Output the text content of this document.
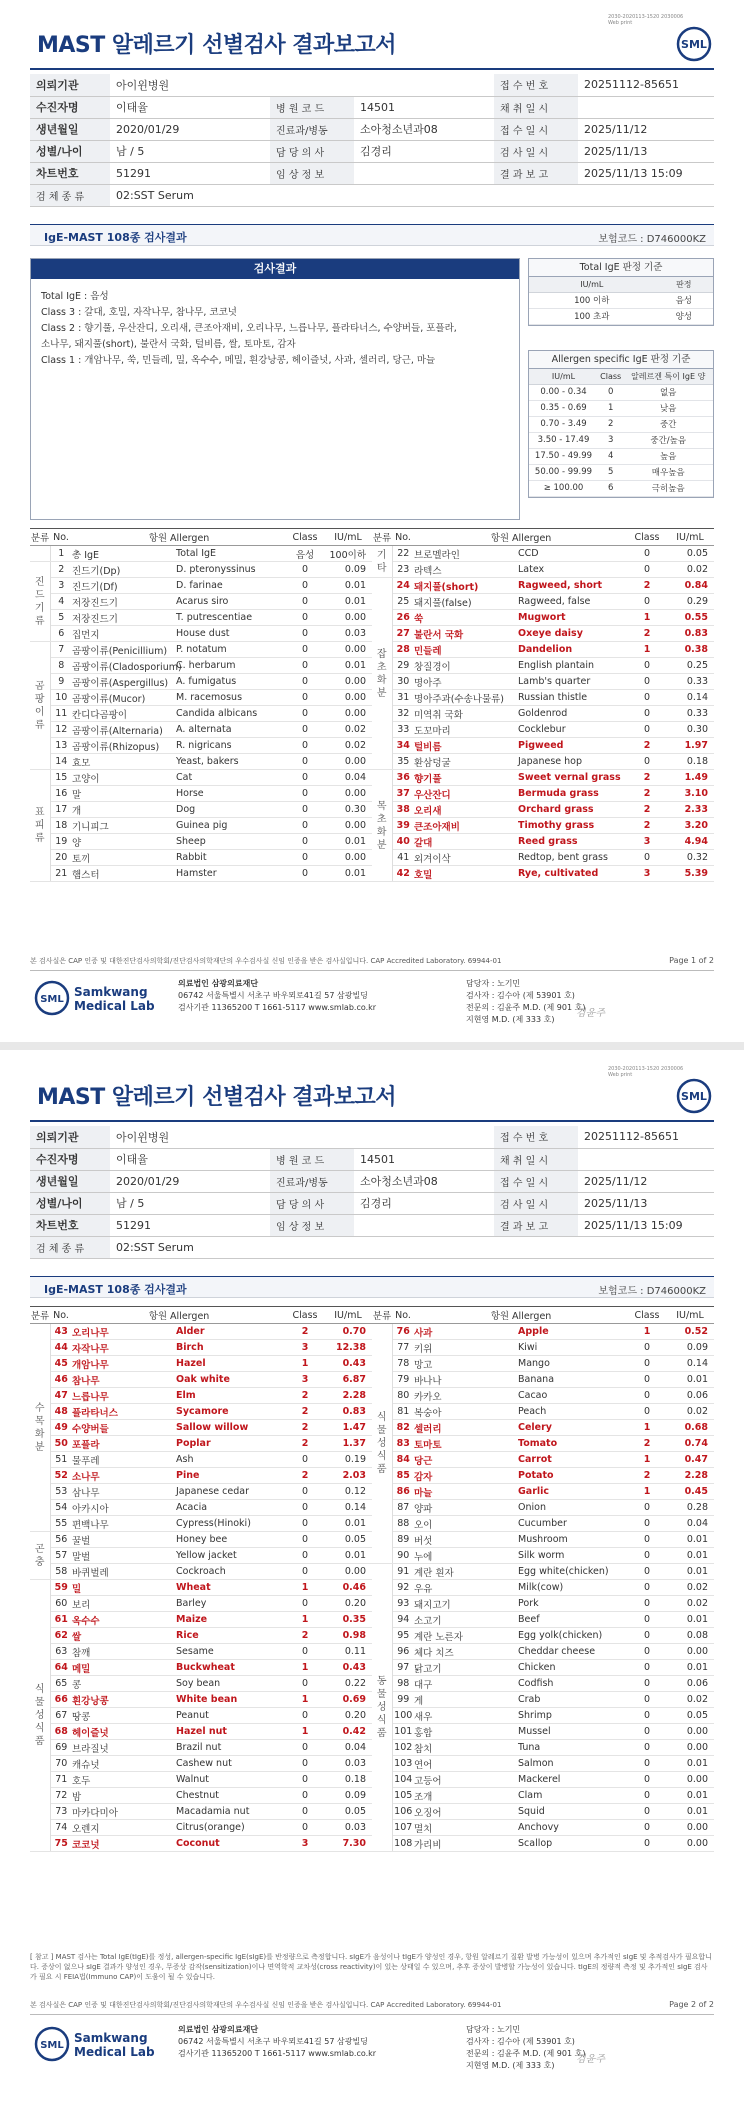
2030-2020113-1520 2030006 Web print
MAST 알레르기 선별검사 결과보고서	SML
의뢰기관	아이윈병원			접 수 번 호	20251112-85651
수진자명	이태율	병 원 코 드	14501	채 취 일 시	
생년월일	2020/01/29	진료과/병동	소아청소년과08	접 수 일 시	2025/11/12
성별/나이	남 / 5	담 당 의 사	김경리	검 사 일 시	2025/11/13
차트번호	51291	임 상 정 보		결 과 보 고	2025/11/13 15:09
검 체 종 류	02:SST Serum				
IgE-MAST 108종 검사결과	보험코드 : D746000KZ
검사결과
Total IgE : 음성
Class 3 : 갈대, 호밀, 자작나무, 참나무, 코코넛
Class 2 : 향기풀, 우산잔디, 오리새, 큰조아재비, 오리나무, 느릅나무, 플라타너스, 수양버들, 포플라,
소나무, 돼지풀(short), 불란서 국화, 털비름, 쌀, 토마토, 감자
Class 1 : 개암나무, 쑥, 민들레, 밀, 옥수수, 메밀, 흰강낭콩, 헤이즐넛, 사과, 셀러리, 당근, 마늘
Total IgE 판정 기준
IU/mL	판정
100 이하	음성
100 초과	양성
Allergen specific IgE 판정 기준
IU/mL	Class	알레르겐 특이 IgE 양
0.00 - 0.34	0	없음
0.35 - 0.69	1	낮음
0.70 - 3.49	2	중간
3.50 - 17.49	3	중간/높음
17.50 - 49.99	4	높음
50.00 - 99.99	5	매우높음
≥ 100.00	6	극히높음
분류	No.	항원 Allergen		Class	IU/mL
	1	총 IgE	Total IgE	음성	100이하
진
드
기
류	2	진드기(Dp)	D. pteronyssinus	0	0.09
	3	진드기(Df)	D. farinae	0	0.01
	4	저장진드기	Acarus siro	0	0.01
	5	저장진드기	T. putrescentiae	0	0.00
	6	집먼지	House dust	0	0.03
곰
팡
이
류	7	곰팡이류(Penicillium)	P. notatum	0	0.00
	8	곰팡이류(Cladosporium)	C. herbarum	0	0.01
	9	곰팡이류(Aspergillus)	A. fumigatus	0	0.00
	10	곰팡이류(Mucor)	M. racemosus	0	0.00
	11	칸디다곰팡이	Candida albicans	0	0.00
	12	곰팡이류(Alternaria)	A. alternata	0	0.02
	13	곰팡이류(Rhizopus)	R. nigricans	0	0.02
	14	효모	Yeast, bakers	0	0.00
표
피
류	15	고양이	Cat	0	0.04
	16	말	Horse	0	0.00
	17	개	Dog	0	0.30
	18	기니피그	Guinea pig	0	0.00
	19	양	Sheep	0	0.01
	20	토끼	Rabbit	0	0.00
	21	햄스터	Hamster	0	0.01
분류	No.	항원 Allergen		Class	IU/mL
기
타	22	브로멜라인	CCD	0	0.05
	23	라텍스	Latex	0	0.02
잡
초
화
분	24	돼지풀(short)	Ragweed, short	2	0.84
	25	돼지풀(false)	Ragweed, false	0	0.29
	26	쑥	Mugwort	1	0.55
	27	불란서 국화	Oxeye daisy	2	0.83
	28	민들레	Dandelion	1	0.38
	29	창질경이	English plantain	0	0.25
	30	명아주	Lamb's quarter	0	0.33
	31	명아주과(수송나물류)	Russian thistle	0	0.14
	32	미역취 국화	Goldenrod	0	0.33
	33	도꼬마리	Cocklebur	0	0.30
	34	털비름	Pigweed	2	1.97
	35	환삼덩굴	Japanese hop	0	0.18
목
초
화
분	36	향기풀	Sweet vernal grass	2	1.49
	37	우산잔디	Bermuda grass	2	3.10
	38	오리새	Orchard grass	2	2.33
	39	큰조아재비	Timothy grass	2	3.20
	40	갈대	Reed grass	3	4.94
	41	외겨이삭	Redtop, bent grass	0	0.32
	42	호밀	Rye, cultivated	3	5.39
본 검사실은 CAP 인증 및 대한진단검사의학회/진단검사의학재단의 우수검사실 신임 인증을 받은 검사실입니다. CAP Accredited Laboratory. 69944-01	Page 1 of 2
SML
Samkwang
Medical Lab
의료법인 삼광의료재단
06742 서울특별시 서초구 바우뫼로41길 57 삼광빌딩
검사기관 11365200 T 1661-5117 www.smlab.co.kr
담당자 : 노기민
검사자 : 김수아 (제 53901 호)
전문의 : 김윤주 M.D. (제 901 호)
지현영 M.D. (제 333 호)
김윤주
2030-2020113-1520 2030006 Web print
MAST 알레르기 선별검사 결과보고서	SML
의뢰기관	아이윈병원			접 수 번 호	20251112-85651
수진자명	이태율	병 원 코 드	14501	채 취 일 시	
생년월일	2020/01/29	진료과/병동	소아청소년과08	접 수 일 시	2025/11/12
성별/나이	남 / 5	담 당 의 사	김경리	검 사 일 시	2025/11/13
차트번호	51291	임 상 정 보		결 과 보 고	2025/11/13 15:09
검 체 종 류	02:SST Serum				
IgE-MAST 108종 검사결과	보험코드 : D746000KZ
분류	No.	항원 Allergen		Class	IU/mL
수
목
화
분	43	오리나무	Alder	2	0.70
	44	자작나무	Birch	3	12.38
	45	개암나무	Hazel	1	0.43
	46	참나무	Oak white	3	6.87
	47	느릅나무	Elm	2	2.28
	48	플라타너스	Sycamore	2	0.83
	49	수양버들	Sallow willow	2	1.47
	50	포플라	Poplar	2	1.37
	51	물푸레	Ash	0	0.19
	52	소나무	Pine	2	2.03
	53	삼나무	Japanese cedar	0	0.12
	54	아카시아	Acacia	0	0.14
	55	편백나무	Cypress(Hinoki)	0	0.01
곤
충	56	꿀벌	Honey bee	0	0.05
	57	말벌	Yellow jacket	0	0.01
	58	바퀴벌레	Cockroach	0	0.00
식
물
성
식
품	59	밀	Wheat	1	0.46
	60	보리	Barley	0	0.20
	61	옥수수	Maize	1	0.35
	62	쌀	Rice	2	0.98
	63	참깨	Sesame	0	0.11
	64	메밀	Buckwheat	1	0.43
	65	콩	Soy bean	0	0.22
	66	흰강낭콩	White bean	1	0.69
	67	땅콩	Peanut	0	0.20
	68	헤이즐넛	Hazel nut	1	0.42
	69	브라질넛	Brazil nut	0	0.04
	70	캐슈넛	Cashew nut	0	0.03
	71	호두	Walnut	0	0.18
	72	밤	Chestnut	0	0.09
	73	마카다미아	Macadamia nut	0	0.05
	74	오렌지	Citrus(orange)	0	0.03
	75	코코넛	Coconut	3	7.30
분류	No.	항원 Allergen		Class	IU/mL
식
물
성
식
품	76	사과	Apple	1	0.52
	77	키위	Kiwi	0	0.09
	78	망고	Mango	0	0.14
	79	바나나	Banana	0	0.01
	80	카카오	Cacao	0	0.06
	81	복숭아	Peach	0	0.02
	82	셀러리	Celery	1	0.68
	83	토마토	Tomato	2	0.74
	84	당근	Carrot	1	0.47
	85	감자	Potato	2	2.28
	86	마늘	Garlic	1	0.45
	87	양파	Onion	0	0.28
	88	오이	Cucumber	0	0.04
	89	버섯	Mushroom	0	0.01
	90	누에	Silk worm	0	0.01
동
물
성
식
품	91	계란 흰자	Egg white(chicken)	0	0.01
	92	우유	Milk(cow)	0	0.02
	93	돼지고기	Pork	0	0.02
	94	소고기	Beef	0	0.01
	95	계란 노른자	Egg yolk(chicken)	0	0.08
	96	체다 치즈	Cheddar cheese	0	0.00
	97	닭고기	Chicken	0	0.01
	98	대구	Codfish	0	0.06
	99	게	Crab	0	0.02
	100	새우	Shrimp	0	0.05
	101	홍합	Mussel	0	0.00
	102	참치	Tuna	0	0.00
	103	연어	Salmon	0	0.01
	104	고등어	Mackerel	0	0.00
	105	조개	Clam	0	0.01
	106	오징어	Squid	0	0.01
	107	멸치	Anchovy	0	0.00
	108	가리비	Scallop	0	0.00
[ 참고 ] MAST 검사는 Total IgE(tIgE)를 정성, allergen-specific IgE(sIgE)를 반정량으로 측정합니다. sIgE가 음성이나 tIgE가 양성인 경우, 항원 알레르기 질환 발병 가능성이 있으며 추가적인 sIgE 및 추적검사가 필요합니다. 증상이 없으나 sIgE 결과가 양성인 경우, 무증상 감작(sensitization)이나 면역학적 교차성(cross reactivity)이 있는 상태일 수 있으며, 추후 증상이 발병할 가능성이 있습니다. tIgE의 정량적 측정 및 추가적인 sIgE 검사가 필요 시 FEIA법(Immuno CAP)이 도움이 될 수 있습니다.
본 검사실은 CAP 인증 및 대한진단검사의학회/진단검사의학재단의 우수검사실 신임 인증을 받은 검사실입니다. CAP Accredited Laboratory. 69944-01	Page 2 of 2
SML
Samkwang
Medical Lab
의료법인 삼광의료재단
06742 서울특별시 서초구 바우뫼로41길 57 삼광빌딩
검사기관 11365200 T 1661-5117 www.smlab.co.kr
담당자 : 노기민
검사자 : 김수아 (제 53901 호)
전문의 : 김윤주 M.D. (제 901 호)
지현영 M.D. (제 333 호)
김윤주
